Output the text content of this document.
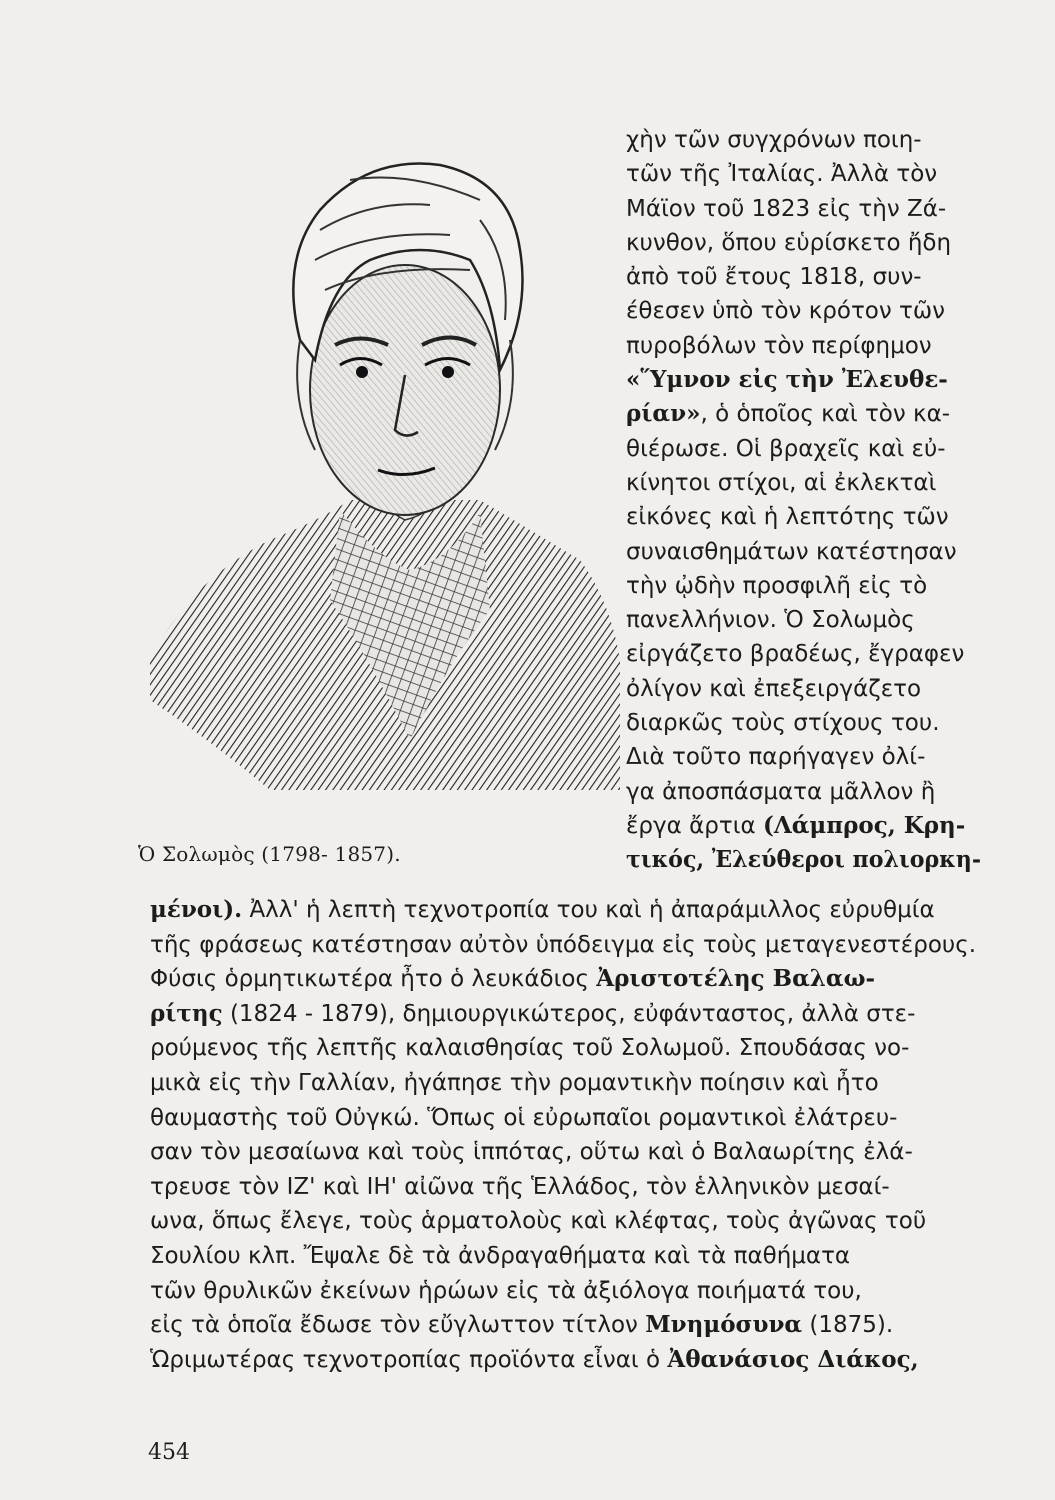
Ὁ Σολωμὸς (1798- 1857).
χὴν τῶν συγχρόνων ποιη-
τῶν τῆς Ἰταλίας. Ἀλλὰ τὸν
Μάϊον τοῦ 1823 εἰς τὴν Ζά-
κυνθον, ὅπου εὑρίσκετο ἤδη
ἀπὸ τοῦ ἔτους 1818, συν-
έθεσεν ὑπὸ τὸν κρότον τῶν
πυροβόλων τὸν περίφημον
«Ὕμνον εἰς τὴν Ἐλευθε-
ρίαν», ὁ ὁποῖος καὶ τὸν κα-
θιέρωσε. Οἱ βραχεῖς καὶ εὐ-
κίνητοι στίχοι, αἱ ἐκλεκταὶ
εἰκόνες καὶ ἡ λεπτότης τῶν
συναισθημάτων κατέστησαν
τὴν ᾠδὴν προσφιλῆ εἰς τὸ
πανελλήνιον. Ὁ Σολωμὸς
εἰργάζετο βραδέως, ἔγραφεν
ὀλίγον καὶ ἐπεξειργάζετο
διαρκῶς τοὺς στίχους του.
Διὰ τοῦτο παρήγαγεν ὀλί-
γα ἀποσπάσματα μᾶλλον ἢ
ἔργα ἄρτια (Λάμπρος, Κρη-
τικός, Ἐλεύθεροι πολιορκη-
μένοι). Ἀλλ' ἡ λεπτὴ τεχνοτροπία του καὶ ἡ ἀπαράμιλλος εὐρυθμία
τῆς φράσεως κατέστησαν αὐτὸν ὑπόδειγμα εἰς τοὺς μεταγενεστέρους.
Φύσις ὁρμητικωτέρα ἦτο ὁ λευκάδιος Ἀριστοτέλης Βαλαω-
ρίτης (1824 - 1879), δημιουργικώτερος, εὐφάνταστος, ἀλλὰ στε-
ρούμενος τῆς λεπτῆς καλαισθησίας τοῦ Σολωμοῦ. Σπουδάσας νο-
μικὰ εἰς τὴν Γαλλίαν, ἠγάπησε τὴν ρομαντικὴν ποίησιν καὶ ἦτο
θαυμαστὴς τοῦ Οὐγκώ. Ὅπως οἱ εὐρωπαῖοι ρομαντικοὶ ἐλάτρευ-
σαν τὸν μεσαίωνα καὶ τοὺς ἱππότας, οὕτω καὶ ὁ Βαλαωρίτης ἐλά-
τρευσε τὸν ΙΖ' καὶ ΙΗ' αἰῶνα τῆς Ἑλλάδος, τὸν ἑλληνικὸν μεσαί-
ωνα, ὅπως ἔλεγε, τοὺς ἁρματολοὺς καὶ κλέφτας, τοὺς ἀγῶνας τοῦ
Σουλίου κλπ. Ἔψαλε δὲ τὰ ἀνδραγαθήματα καὶ τὰ παθήματα
τῶν θρυλικῶν ἐκείνων ἡρώων εἰς τὰ ἀξιόλογα ποιήματά του,
εἰς τὰ ὁποῖα ἔδωσε τὸν εὔγλωττον τίτλον Μνημόσυνα (1875).
Ὡριμωτέρας τεχνοτροπίας προϊόντα εἶναι ὁ Ἀθανάσιος Διάκος,
454
